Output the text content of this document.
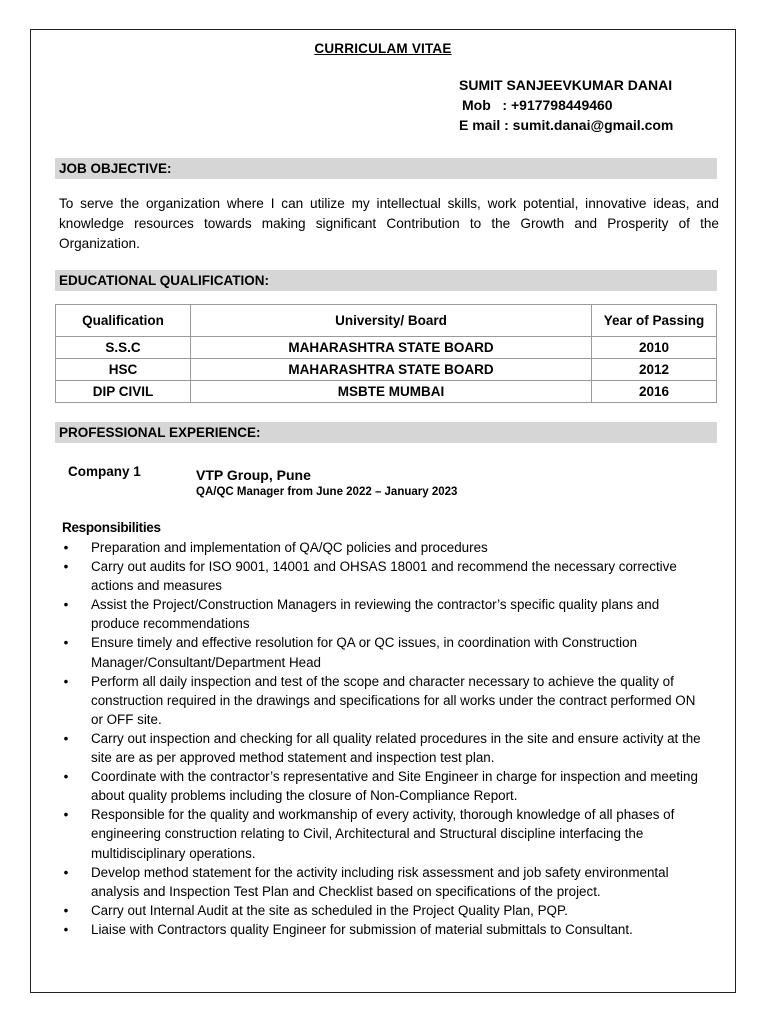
CURRICULAM VITAE
SUMIT SANJEEVKUMAR DANAI
Mob   : +917798449460
E mail : sumit.danai@gmail.com
JOB OBJECTIVE:
To serve the organization where I can utilize my intellectual skills, work potential, innovative ideas, and knowledge resources towards making significant Contribution to the Growth and Prosperity of the Organization.
EDUCATIONAL QUALIFICATION:
Qualification	University/ Board	Year of Passing
S.S.C	MAHARASHTRA STATE BOARD	2010
HSC	MAHARASHTRA STATE BOARD	2012
DIP CIVIL	MSBTE MUMBAI	2016
PROFESSIONAL EXPERIENCE:
Company 1	VTP Group, Pune
QA/QC Manager from June 2022 – January 2023
Responsibilities
• Preparation and implementation of QA/QC policies and procedures
• Carry out audits for ISO 9001, 14001 and OHSAS 18001 and recommend the necessary corrective actions and measures
• Assist the Project/Construction Managers in reviewing the contractor’s specific quality plans and produce recommendations
• Ensure timely and effective resolution for QA or QC issues, in coordination with Construction Manager/Consultant/Department Head
• Perform all daily inspection and test of the scope and character necessary to achieve the quality of construction required in the drawings and specifications for all works under the contract performed ON or OFF site.
• Carry out inspection and checking for all quality related procedures in the site and ensure activity at the site are as per approved method statement and inspection test plan.
• Coordinate with the contractor’s representative and Site Engineer in charge for inspection and meeting about quality problems including the closure of Non-Compliance Report.
• Responsible for the quality and workmanship of every activity, thorough knowledge of all phases of engineering construction relating to Civil, Architectural and Structural discipline interfacing the multidisciplinary operations.
• Develop method statement for the activity including risk assessment and job safety environmental analysis and Inspection Test Plan and Checklist based on specifications of the project.
• Carry out Internal Audit at the site as scheduled in the Project Quality Plan, PQP.
• Liaise with Contractors quality Engineer for submission of material submittals to Consultant.
